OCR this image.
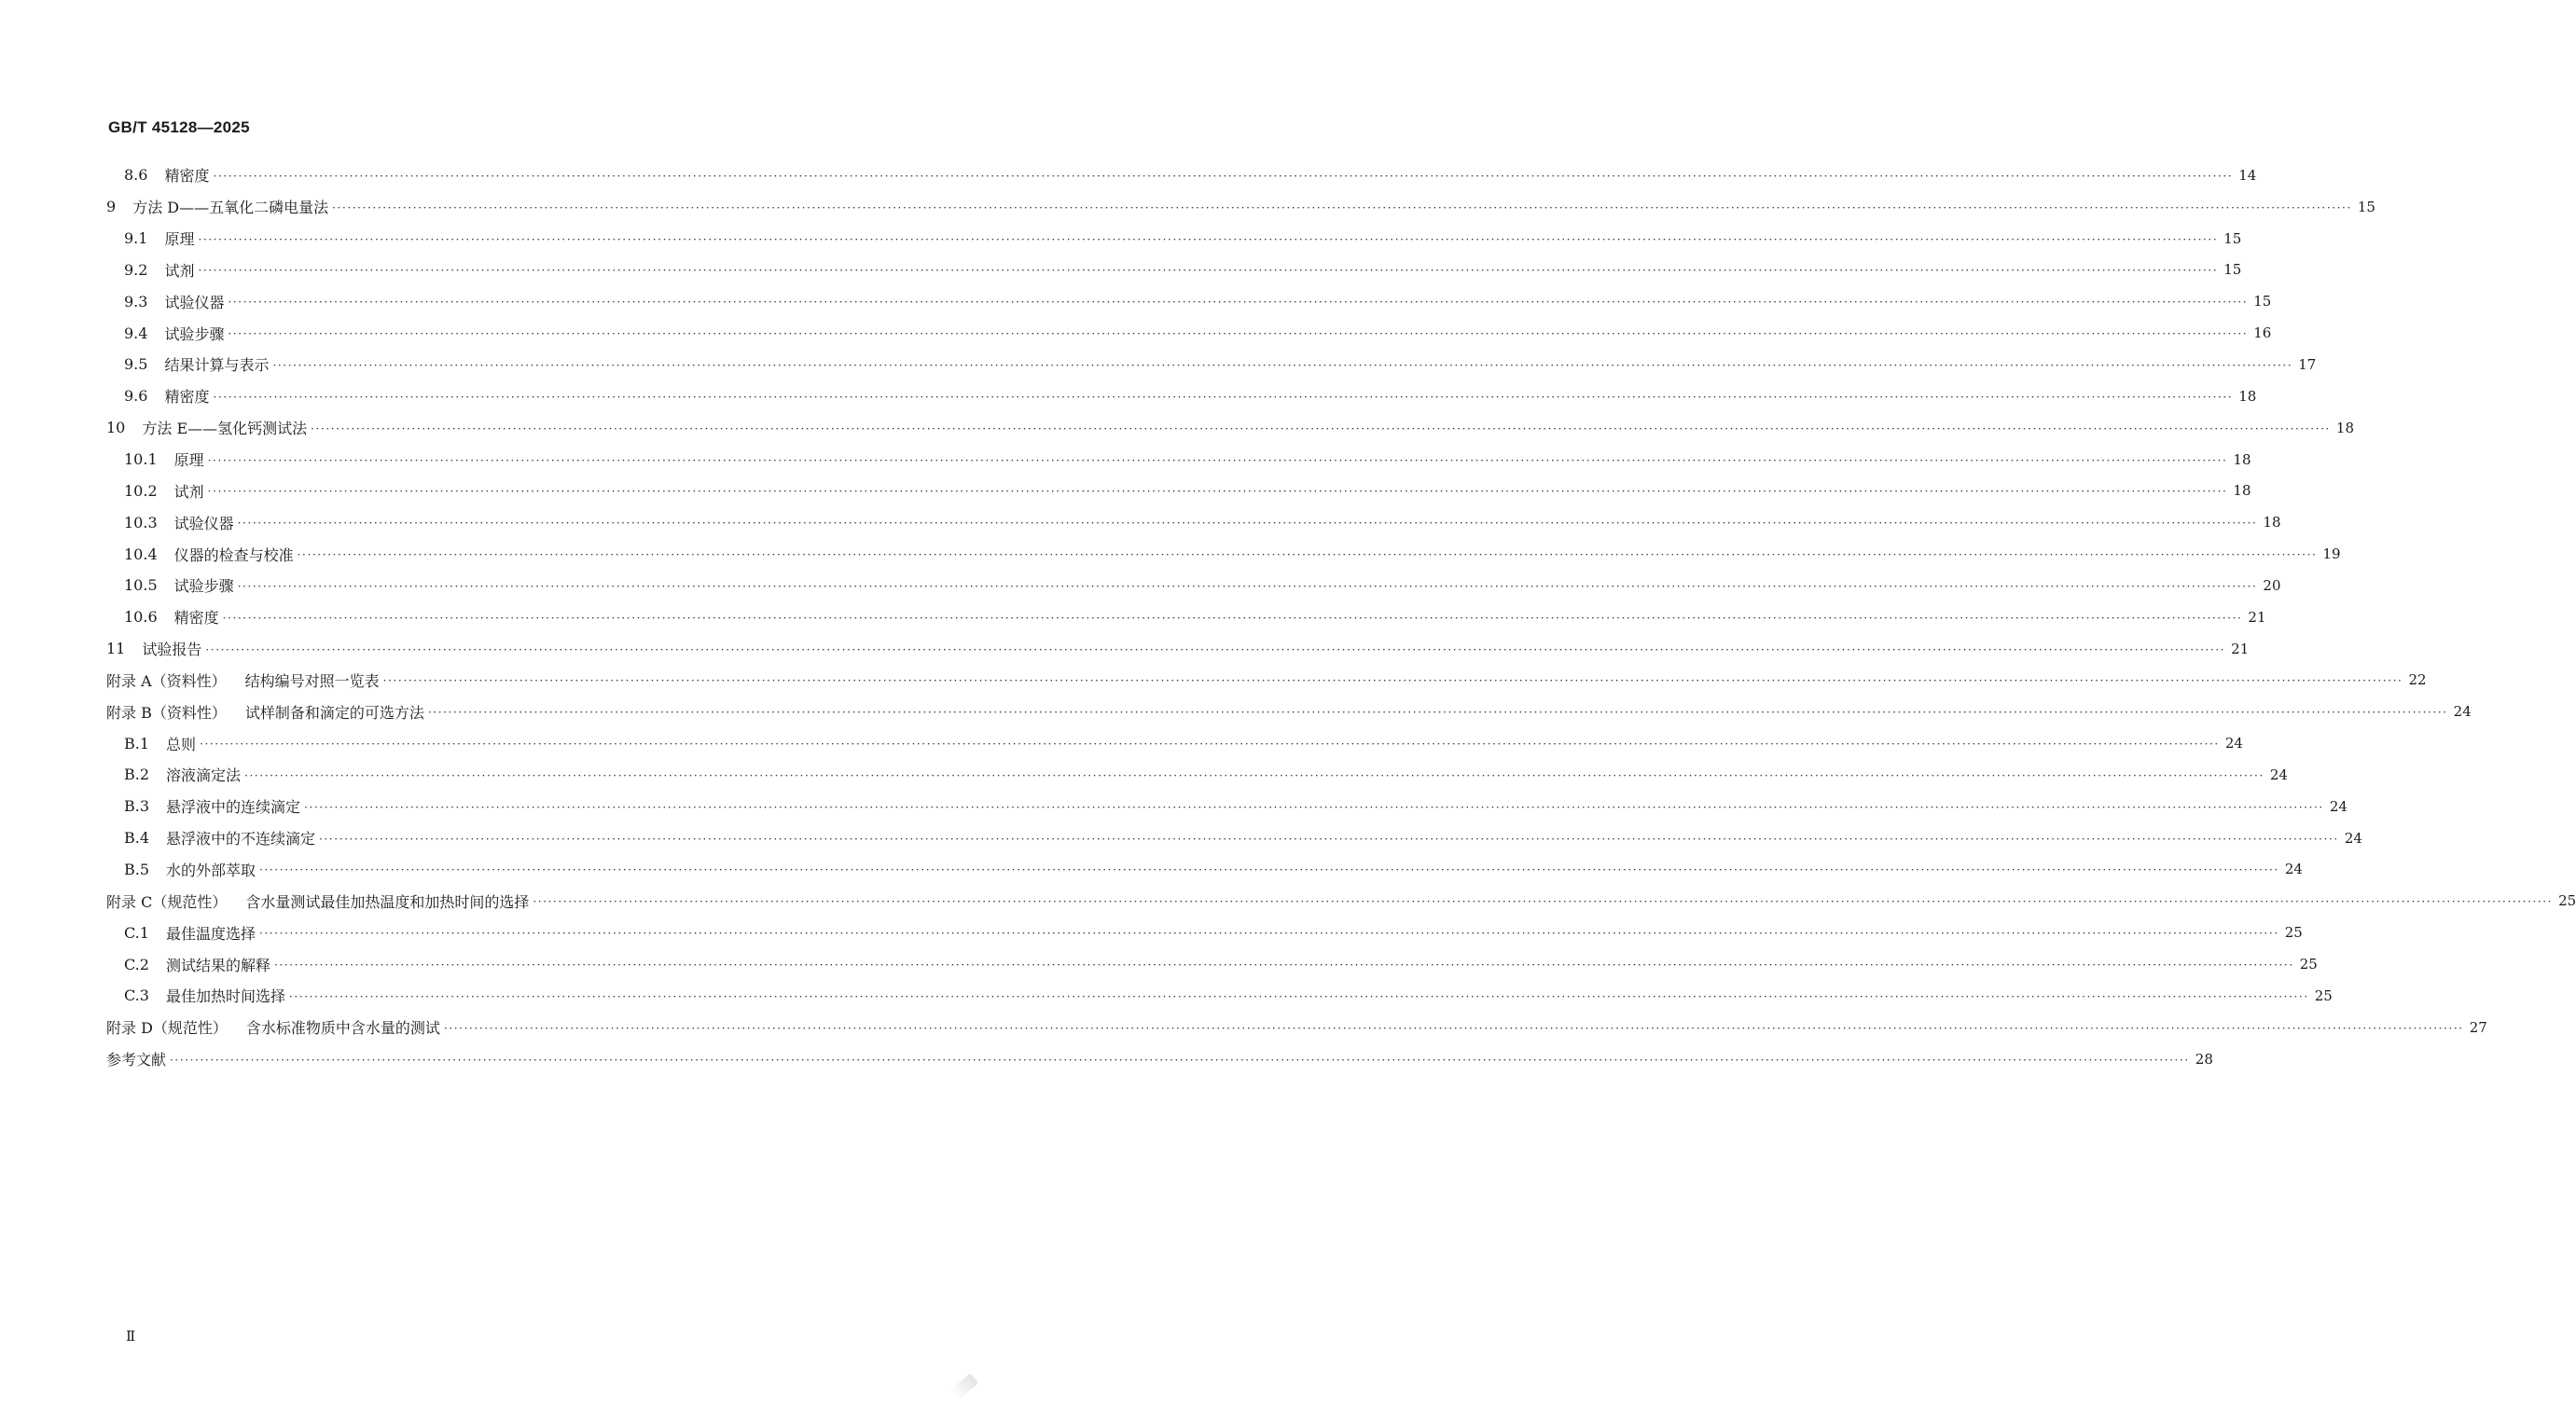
GB/T 45128—2025
8.6 精密度 ················································································································································································································································································································································································································ 14
9 方法 D——五氧化二磷电量法 ················································································································································································································································································································································································································ 15
9.1 原理 ················································································································································································································································································································································································································ 15
9.2 试剂 ················································································································································································································································································································································································································ 15
9.3 试验仪器 ················································································································································································································································································································································································································ 15
9.4 试验步骤 ················································································································································································································································································································································································································ 16
9.5 结果计算与表示 ················································································································································································································································································································································································································ 17
9.6 精密度 ················································································································································································································································································································································································································ 18
10 方法 E——氢化钙测试法 ················································································································································································································································································································································································································ 18
10.1 原理 ················································································································································································································································································································································································································ 18
10.2 试剂 ················································································································································································································································································································································································································ 18
10.3 试验仪器 ················································································································································································································································································································································································································ 18
10.4 仪器的检查与校准 ················································································································································································································································································································································································································ 19
10.5 试验步骤 ················································································································································································································································································································································································································ 20
10.6 精密度 ················································································································································································································································································································································································································ 21
11 试验报告 ················································································································································································································································································································································································································ 21
附录 A（资料性） 结构编号对照一览表 ················································································································································································································································································································································································································ 22
附录 B（资料性） 试样制备和滴定的可选方法 ················································································································································································································································································································································································································ 24
B.1 总则 ················································································································································································································································································································································································································ 24
B.2 溶液滴定法 ················································································································································································································································································································································································································ 24
B.3 悬浮液中的连续滴定 ················································································································································································································································································································································································································ 24
B.4 悬浮液中的不连续滴定 ················································································································································································································································································································································································································ 24
B.5 水的外部萃取 ················································································································································································································································································································································································································ 24
附录 C（规范性） 含水量测试最佳加热温度和加热时间的选择 ················································································································································································································································································································································································································ 25
C.1 最佳温度选择 ················································································································································································································································································································································································································ 25
C.2 测试结果的解释 ················································································································································································································································································································································································································ 25
C.3 最佳加热时间选择 ················································································································································································································································································································································································································ 25
附录 D（规范性） 含水标准物质中含水量的测试 ················································································································································································································································································································································································································ 27
参考文献 ················································································································································································································································································································································································································ 28
Ⅱ
